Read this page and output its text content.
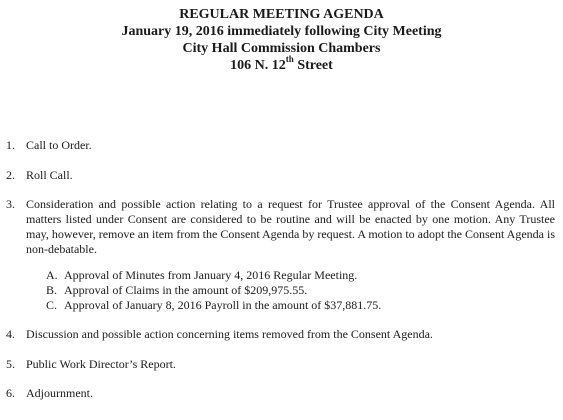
REGULAR MEETING AGENDA
January 19, 2016 immediately following City Meeting
City Hall Commission Chambers
106 N. 12th Street
1. Call to Order.
2. Roll Call.
3. Consideration and possible action relating to a request for Trustee approval of the Consent Agenda. All matters listed under Consent are considered to be routine and will be enacted by one motion. Any Trustee may, however, remove an item from the Consent Agenda by request. A motion to adopt the Consent Agenda is non-debatable.
A. Approval of Minutes from January 4, 2016 Regular Meeting.
B. Approval of Claims in the amount of $209,975.55.
C. Approval of January 8, 2016 Payroll in the amount of $37,881.75.
4. Discussion and possible action concerning items removed from the Consent Agenda.
5. Public Work Director’s Report.
6. Adjournment.
